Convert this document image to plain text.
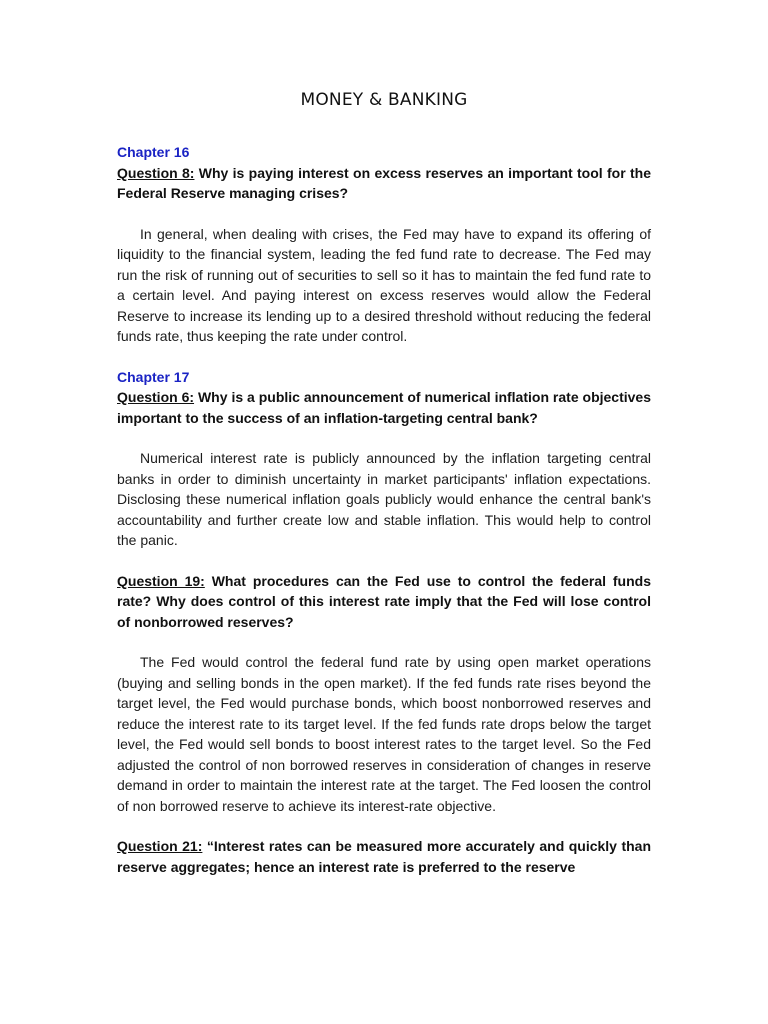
MONEY & BANKING

Chapter 16

Question 8: Why is paying interest on excess reserves an important tool for the Federal Reserve managing crises?

In general, when dealing with crises, the Fed may have to expand its offering of liquidity to the financial system, leading the fed fund rate to decrease. The Fed may run the risk of running out of securities to sell so it has to maintain the fed fund rate to a certain level. And paying interest on excess reserves would allow the Federal Reserve to increase its lending up to a desired threshold without reducing the federal funds rate, thus keeping the rate under control.

Chapter 17

Question 6: Why is a public announcement of numerical inflation rate objectives important to the success of an inflation-targeting central bank?

Numerical interest rate is publicly announced by the inflation targeting central banks in order to diminish uncertainty in market participants' inflation expectations. Disclosing these numerical inflation goals publicly would enhance the central bank's accountability and further create low and stable inflation. This would help to control the panic.

Question 19: What procedures can the Fed use to control the federal funds rate? Why does control of this interest rate imply that the Fed will lose control of nonborrowed reserves?

The Fed would control the federal fund rate by using open market operations (buying and selling bonds in the open market). If the fed funds rate rises beyond the target level, the Fed would purchase bonds, which boost nonborrowed reserves and reduce the interest rate to its target level. If the fed funds rate drops below the target level, the Fed would sell bonds to boost interest rates to the target level. So the Fed adjusted the control of non borrowed reserves in consideration of changes in reserve demand in order to maintain the interest rate at the target. The Fed loosen the control of non borrowed reserve to achieve its interest-rate objective.

Question 21: “Interest rates can be measured more accurately and quickly than reserve aggregates; hence an interest rate is preferred to the reserve
